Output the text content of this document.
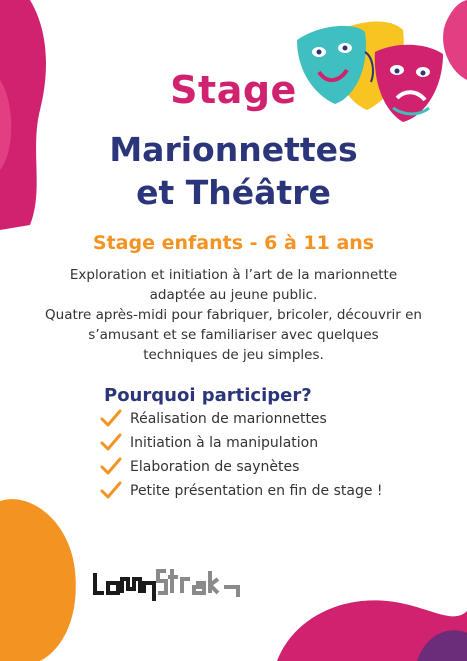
Stage
Marionnettes
et Théâtre
Stage enfants - 6 à 11 ans
Exploration et initiation à l’art de la marionnette
adaptée au jeune public.
Quatre après-midi pour fabriquer, bricoler, découvrir en
s’amusant et se familiariser avec quelques
techniques de jeu simples.
Pourquoi participer?
Réalisation de marionnettes
Initiation à la manipulation
Elaboration de saynètes
Petite présentation en fin de stage !
